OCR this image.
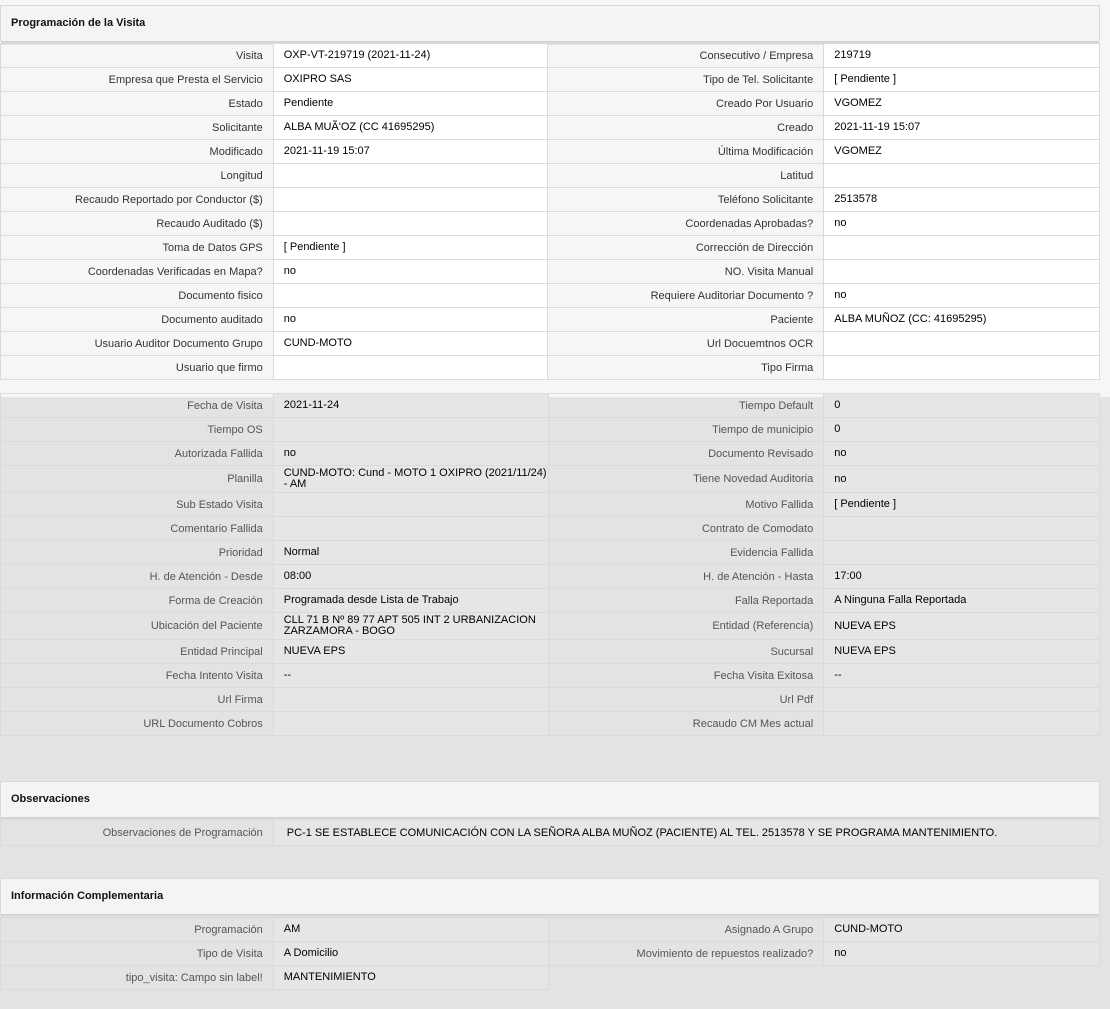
Programación de la Visita
Visita	OXP-VT-219719 (2021-11-24)	Consecutivo / Empresa	219719

Empresa que Presta el Servicio	OXIPRO SAS	Tipo de Tel. Solicitante	[ Pendiente ]

Estado	Pendiente	Creado Por Usuario	VGOMEZ

Solicitante	ALBA MUÃ'OZ (CC 41695295)	Creado	2021-11-19 15:07

Modificado	2021-11-19 15:07	Última Modificación	VGOMEZ

Longitud		Latitud	

Recaudo Reportado por Conductor ($)		Teléfono Solicitante	2513578

Recaudo Auditado ($)		Coordenadas Aprobadas?	no

Toma de Datos GPS	[ Pendiente ]	Corrección de Dirección	

Coordenadas Verificadas en Mapa?	no	NO. Visita Manual	

Documento fisico		Requiere Auditoriar Documento ?	no

Documento auditado	no	Paciente	ALBA MUÑOZ (CC: 41695295)

Usuario Auditor Documento Grupo	CUND-MOTO	Url Docuemtnos OCR	

Usuario que firmo		Tipo Firma	
Fecha de Visita	2021-11-24	Tiempo Default	0

Tiempo OS		Tiempo de municipio	0

Autorizada Fallida	no	Documento Revisado	no

Planilla	CUND-MOTO: Cund - MOTO 1 OXIPRO (2021/11/24) - AM	Tiene Novedad Auditoria	no

Sub Estado Visita		Motivo Fallida	[ Pendiente ]

Comentario Fallida		Contrato de Comodato	

Prioridad	Normal	Evidencia Fallida	

H. de Atención - Desde	08:00	H. de Atención - Hasta	17:00

Forma de Creación	Programada desde Lista de Trabajo	Falla Reportada	A Ninguna Falla Reportada

Ubicación del Paciente	CLL 71 B Nº 89 77 APT 505 INT 2 URBANIZACION ZARZAMORA - BOGO	Entidad (Referencia)	NUEVA EPS

Entidad Principal	NUEVA EPS	Sucursal	NUEVA EPS

Fecha Intento Visita	--	Fecha Visita Exitosa	--

Url Firma		Url Pdf	

URL Documento Cobros		Recaudo CM Mes actual	
Observaciones
Observaciones de Programación	PC-1 SE ESTABLECE COMUNICACIÓN CON LA SEÑORA ALBA MUÑOZ (PACIENTE) AL TEL. 2513578 Y SE PROGRAMA MANTENIMIENTO.
Información Complementaria
Programación	AM	Asignado A Grupo	CUND-MOTO

Tipo de Visita	A Domicilio	Movimiento de repuestos realizado?	no

tipo_visita: Campo sin label!	MANTENIMIENTO		
